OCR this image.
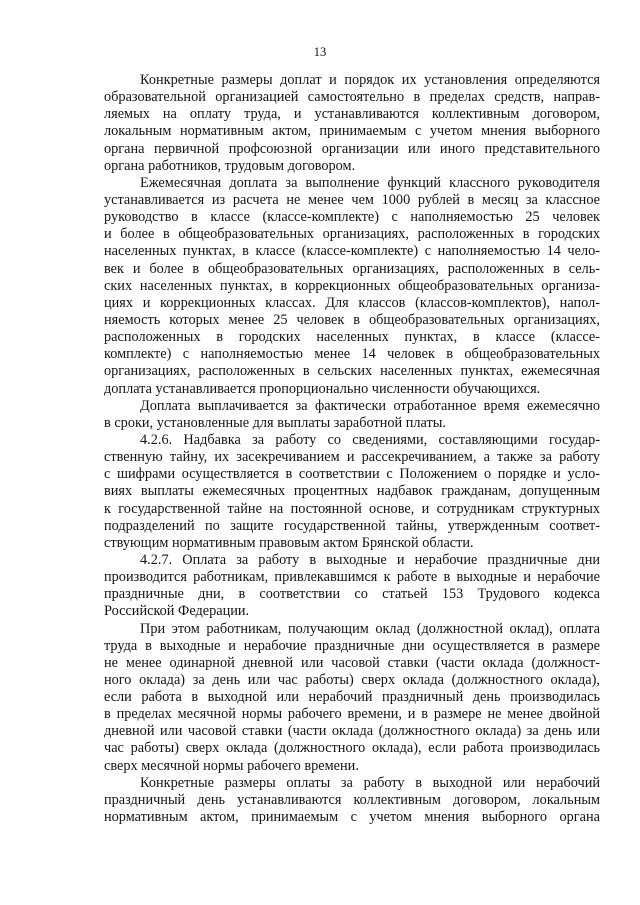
13
Конкретные размеры доплат и порядок их установления определяются
образовательной организацией самостоятельно в пределах средств, направ-
ляемых на оплату труда, и устанавливаются коллективным договором,
локальным нормативным актом, принимаемым с учетом мнения выборного
органа первичной профсоюзной организации или иного представительного
органа работников, трудовым договором.
Ежемесячная доплата за выполнение функций классного руководителя
устанавливается из расчета не менее чем 1000 рублей в месяц за классное
руководство в классе (классе-комплекте) с наполняемостью 25 человек
и более в общеобразовательных организациях, расположенных в городских
населенных пунктах, в классе (классе-комплекте) с наполняемостью 14 чело-
век и более в общеобразовательных организациях, расположенных в сель-
ских населенных пунктах, в коррекционных общеобразовательных организа-
циях и коррекционных классах. Для классов (классов-комплектов), напол-
няемость которых менее 25 человек в общеобразовательных организациях,
расположенных в городских населенных пунктах, в классе (классе-
комплекте) с наполняемостью менее 14 человек в общеобразовательных
организациях, расположенных в сельских населенных пунктах, ежемесячная
доплата устанавливается пропорционально численности обучающихся.
Доплата выплачивается за фактически отработанное время ежемесячно
в сроки, установленные для выплаты заработной платы.
4.2.6. Надбавка за работу со сведениями, составляющими государ-
ственную тайну, их засекречиванием и рассекречиванием, а также за работу
с шифрами осуществляется в соответствии с Положением о порядке и усло-
виях выплаты ежемесячных процентных надбавок гражданам, допущенным
к государственной тайне на постоянной основе, и сотрудникам структурных
подразделений по защите государственной тайны, утвержденным соответ-
ствующим нормативным правовым актом Брянской области.
4.2.7. Оплата за работу в выходные и нерабочие праздничные дни
производится работникам, привлекавшимся к работе в выходные и нерабочие
праздничные дни, в соответствии со статьей 153 Трудового кодекса
Российской Федерации.
При этом работникам, получающим оклад (должностной оклад), оплата
труда в выходные и нерабочие праздничные дни осуществляется в размере
не менее одинарной дневной или часовой ставки (части оклада (должност-
ного оклада) за день или час работы) сверх оклада (должностного оклада),
если работа в выходной или нерабочий праздничный день производилась
в пределах месячной нормы рабочего времени, и в размере не менее двойной
дневной или часовой ставки (части оклада (должностного оклада) за день или
час работы) сверх оклада (должностного оклада), если работа производилась
сверх месячной нормы рабочего времени.
Конкретные размеры оплаты за работу в выходной или нерабочий
праздничный день устанавливаются коллективным договором, локальным
нормативным актом, принимаемым с учетом мнения выборного органа
